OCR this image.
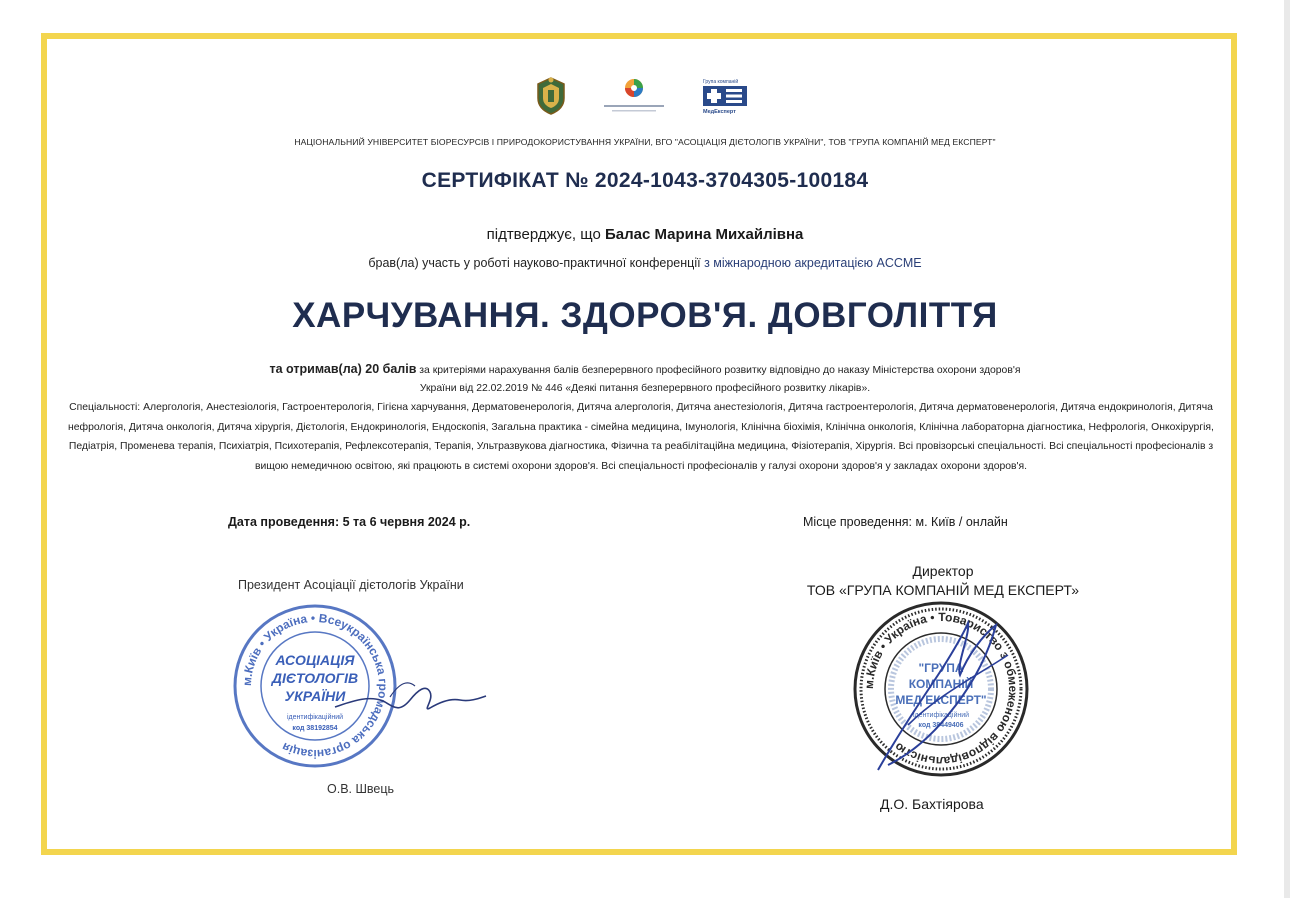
Група компаній
МедЕксперт
НАЦІОНАЛЬНИЙ УНІВЕРСИТЕТ БІОРЕСУРСІВ І ПРИРОДОКОРИСТУВАННЯ УКРАЇНИ, ВГО "АСОЦІАЦІЯ ДІЄТОЛОГІВ УКРАЇНИ", ТОВ "ГРУПА КОМПАНІЙ МЕД ЕКСПЕРТ"
СЕРТИФІКАТ № 2024-1043-3704305-100184
підтверджує, що Балас Марина Михайлівна
брав(ла) участь у роботі науково-практичної конференції з міжнародною акредитацією ACCME
ХАРЧУВАННЯ. ЗДОРОВ'Я. ДОВГОЛІТТЯ
та отримав(ла) 20 балів за критеріями нарахування балів безперервного професійного розвитку відповідно до наказу Міністерства охорони здоров'я України від 22.02.2019 № 446 «Деякі питання безперервного професійного розвитку лікарів».
Спеціальності: Алергологія, Анестезіологія, Гастроентерологія, Гігієна харчування, Дерматовенерологія, Дитяча алергологія, Дитяча анестезіологія, Дитяча гастроентерологія, Дитяча дерматовенерологія, Дитяча ендокринологія, Дитяча нефрологія, Дитяча онкологія, Дитяча хірургія, Дієтологія, Ендокринологія, Ендоскопія, Загальна практика - сімейна медицина, Імунологія, Клінічна біохімія, Клінічна онкологія, Клінічна лабораторна діагностика, Нефрологія, Онкохірургія, Педіатрія, Променева терапія, Психіатрія, Психотерапія, Рефлексотерапія, Терапія, Ультразвукова діагностика, Фізична та реабілітаційна медицина, Фізіотерапія, Хірургія. Всі провізорські спеціальності. Всі спеціальності професіоналів з вищою немедичною освітою, які працюють в системі охорони здоров'я. Всі спеціальності професіоналів у галузі охорони здоров'я у закладах охорони здоров'я.
Дата проведення: 5 та 6 червня 2024 р.	Місце проведення: м. Київ / онлайн
Президент Асоціації дієтологів України
О.В. Швець
Директор
ТОВ «ГРУПА КОМПАНІЙ МЕД ЕКСПЕРТ»
Д.О. Бахтіярова
м.Київ • Україна • Всеукраїнська громадська організація
АСОЦІАЦІЯ
ДІЄТОЛОГІВ
УКРАЇНИ
ідентифікаційний
код 38192854
м.Київ • Україна • Товариство з обмеженою відповідальністю
"ГРУПА
КОМПАНІЙ
МЕД ЕКСПЕРТ"
ідентифікаційний
код 38449406
